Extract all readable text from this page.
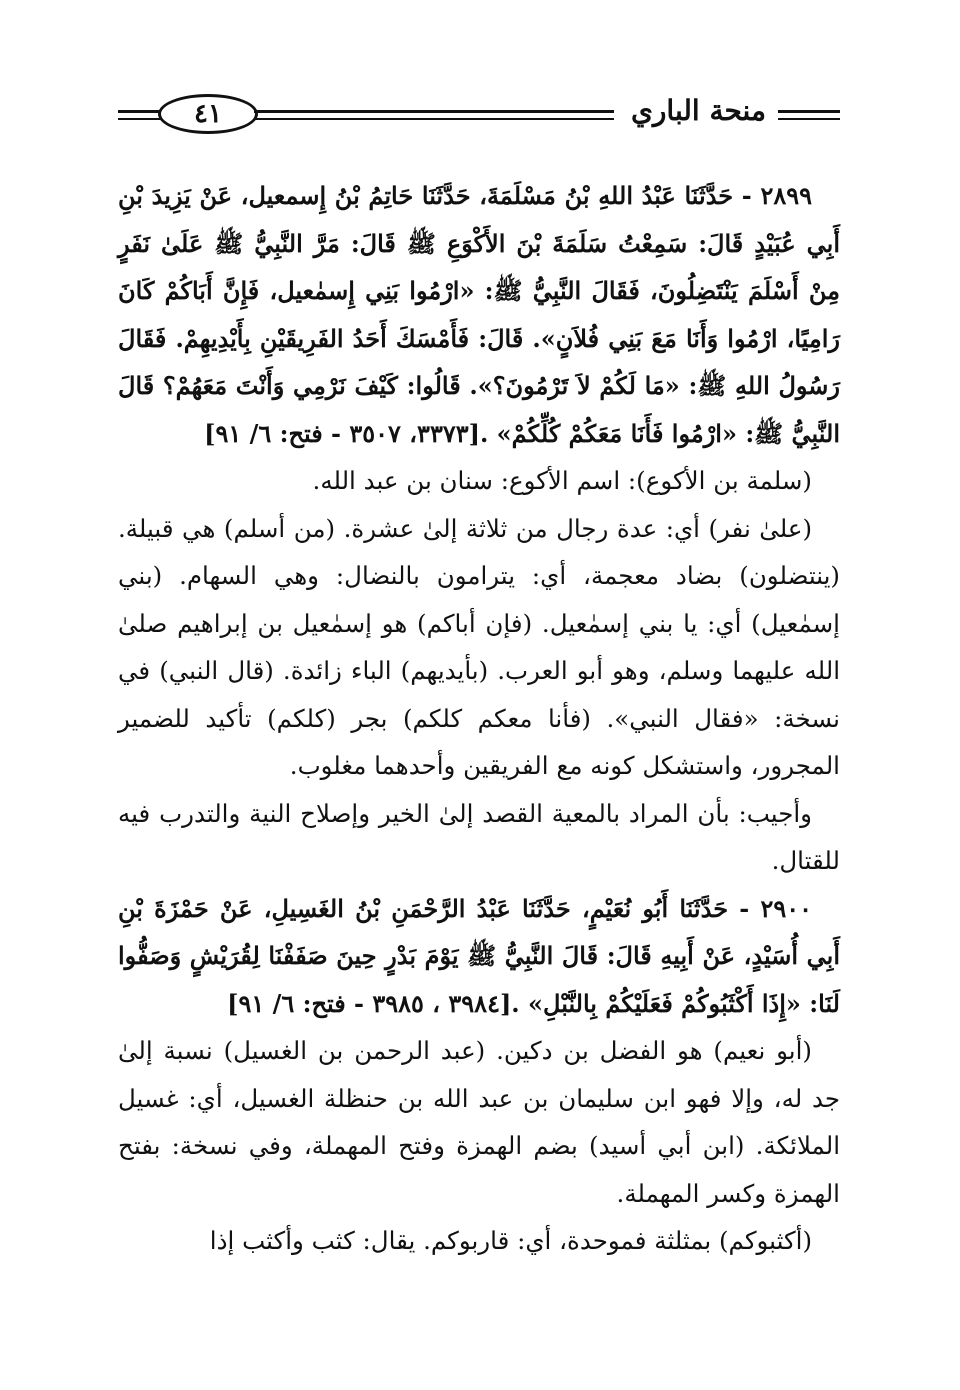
٤١	منحة الباري

٢٨٩٩ - حَدَّثَنَا عَبْدُ اللهِ بْنُ مَسْلَمَةَ، حَدَّثَنَا حَاتِمُ بْنُ إِسمعيل، عَنْ يَزِيدَ بْنِ أَبِي عُبَيْدٍ قَالَ: سَمِعْتُ سَلَمَةَ بْنَ الأَكْوَعِ ﷺ قَالَ: مَرَّ النَّبِيُّ ﷺ عَلَىٰ نَفَرٍ مِنْ أَسْلَمَ يَنْتَضِلُونَ، فَقَالَ النَّبِيُّ ﷺ: «ارْمُوا بَنِي إِسمٰعيل، فَإِنَّ أَبَاكُمْ كَانَ رَامِيًا، ارْمُوا وَأَنَا مَعَ بَنِي فُلاَنٍ». قَالَ: فَأَمْسَكَ أَحَدُ الفَرِيقَيْنِ بِأَيْدِيهِمْ. فَقَالَ رَسُولُ اللهِ ﷺ: «مَا لَكُمْ لاَ تَرْمُونَ؟». قَالُوا: كَيْفَ نَرْمِي وَأَنْتَ مَعَهُمْ؟ قَالَ النَّبِيُّ ﷺ: «ارْمُوا فَأَنَا مَعَكُمْ كُلِّكُمْ» .[٣٣٧٣، ٣٥٠٧ - فتح: ٦/ ٩١]

(سلمة بن الأكوع): اسم الأكوع: سنان بن عبد الله.

(علىٰ نفر) أي: عدة رجال من ثلاثة إلىٰ عشرة. (من أسلم) هي قبيلة. (ينتضلون) بضاد معجمة، أي: يترامون بالنضال: وهي السهام. (بني إسمٰعيل) أي: يا بني إسمٰعيل. (فإن أباكم) هو إسمٰعيل بن إبراهيم صلىٰ الله عليهما وسلم، وهو أبو العرب. (بأيديهم) الباء زائدة. (قال النبي) في نسخة: «فقال النبي». (فأنا معكم كلكم) بجر (كلكم) تأكيد للضمير المجرور، واستشكل كونه مع الفريقين وأحدهما مغلوب.

وأجيب: بأن المراد بالمعية القصد إلىٰ الخير وإصلاح النية والتدرب فيه للقتال.

٢٩٠٠ - حَدَّثَنَا أَبُو نُعَيْمٍ، حَدَّثَنَا عَبْدُ الرَّحْمَنِ بْنُ الغَسِيلِ، عَنْ حَمْزَةَ بْنِ أَبِي أُسَيْدٍ، عَنْ أَبِيهِ قَالَ: قَالَ النَّبِيُّ ﷺ يَوْمَ بَدْرٍ حِينَ صَفَفْنَا لِقُرَيْشٍ وَصَفُّوا لَنَا: «إِذَا أَكْثَبُوكُمْ فَعَلَيْكُمْ بِالنَّبْلِ» .[٣٩٨٤ ، ٣٩٨٥ - فتح: ٦/ ٩١]

(أبو نعيم) هو الفضل بن دكين. (عبد الرحمن بن الغسيل) نسبة إلىٰ جد له، وإلا فهو ابن سليمان بن عبد الله بن حنظلة الغسيل، أي: غسيل الملائكة. (ابن أبي أسيد) بضم الهمزة وفتح المهملة، وفي نسخة: بفتح الهمزة وكسر المهملة.

(أكثبوكم) بمثلثة فموحدة، أي: قاربوكم. يقال: كثب وأكثب إذا
